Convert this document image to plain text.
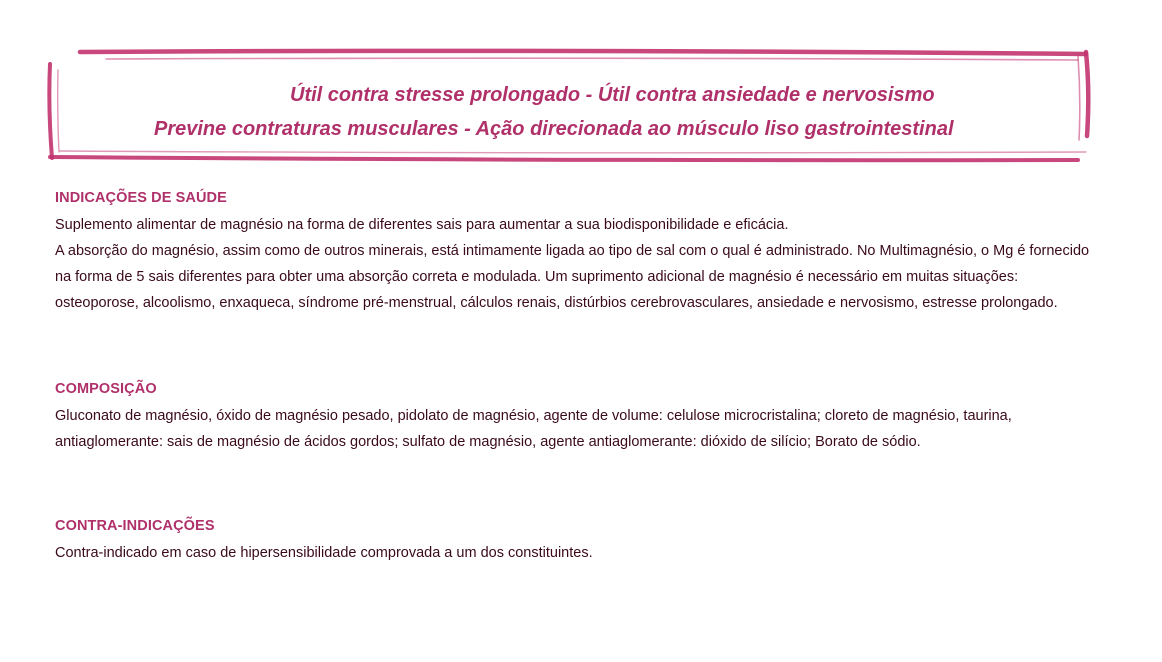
Útil contra stresse prolongado - Útil contra ansiedade e nervosismo
Previne contraturas musculares - Ação direcionada ao músculo liso gastrointestinal
INDICAÇÕES DE SAÚDE

Suplemento alimentar de magnésio na forma de diferentes sais para aumentar a sua biodisponibilidade e eficácia.

A absorção do magnésio, assim como de outros minerais, está intimamente ligada ao tipo de sal com o qual é administrado. No Multimagnésio, o Mg é fornecido na forma de 5 sais diferentes para obter uma absorção correta e modulada. Um suprimento adicional de magnésio é necessário em muitas situações: osteoporose, alcoolismo, enxaqueca, síndrome pré-menstrual, cálculos renais, distúrbios cerebrovasculares, ansiedade e nervosismo, estresse prolongado.

COMPOSIÇÃO

Gluconato de magnésio, óxido de magnésio pesado, pidolato de magnésio, agente de volume: celulose microcristalina; cloreto de magnésio, taurina, antiaglomerante: sais de magnésio de ácidos gordos; sulfato de magnésio, agente antiaglomerante: dióxido de silício; Borato de sódio.

CONTRA-INDICAÇÕES

Contra-indicado em caso de hipersensibilidade comprovada a um dos constituintes.
